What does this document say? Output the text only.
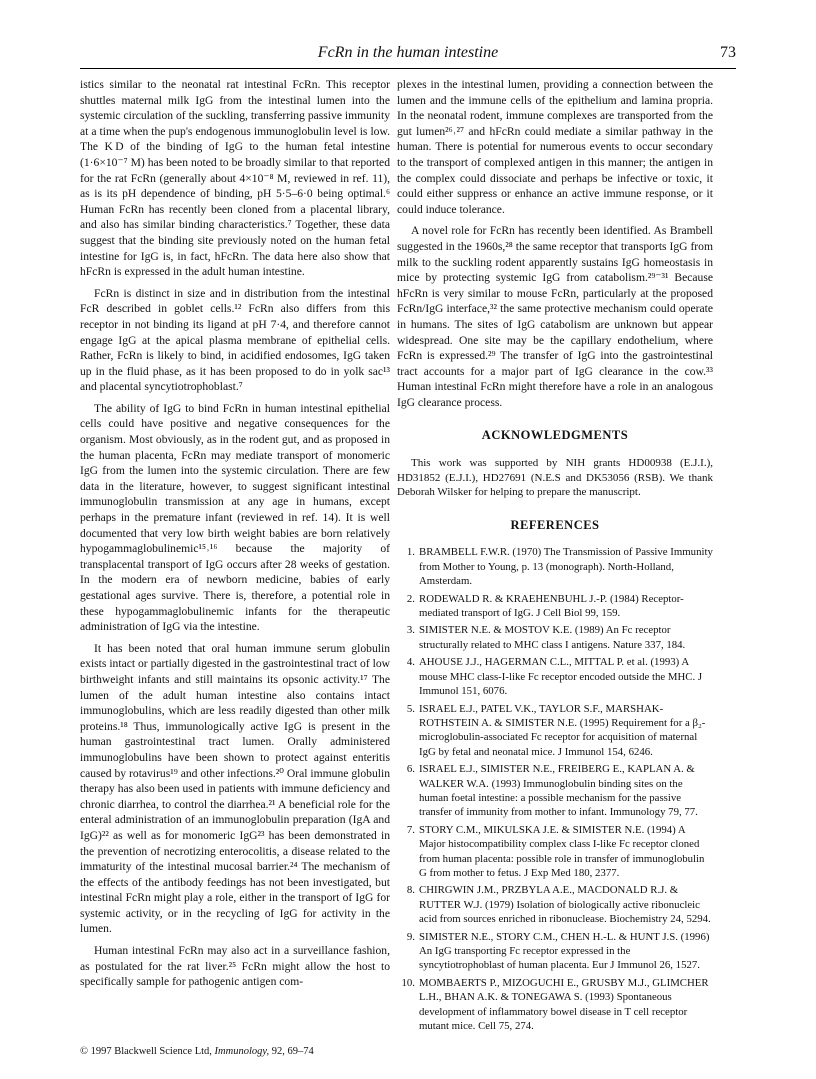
FcRn in the human intestine	73

istics similar to the neonatal rat intestinal FcRn. This receptor shuttles maternal milk IgG from the intestinal lumen into the systemic circulation of the suckling, transferring passive immunity at a time when the pup's endogenous immunoglobulin level is low. The K D of the binding of IgG to the human fetal intestine (1·6×10⁻⁷ M) has been noted to be broadly similar to that reported for the rat FcRn (generally about 4×10⁻⁸ M, reviewed in ref. 11), as is its pH dependence of binding, pH 5·5–6·0 being optimal.⁶ Human FcRn has recently been cloned from a placental library, and also has similar binding characteristics.⁷ Together, these data suggest that the binding site previously noted on the human fetal intestine for IgG is, in fact, hFcRn. The data here also show that hFcRn is expressed in the adult human intestine.

FcRn is distinct in size and in distribution from the intestinal FcR described in goblet cells.¹² FcRn also differs from this receptor in not binding its ligand at pH 7·4, and therefore cannot engage IgG at the apical plasma membrane of epithelial cells. Rather, FcRn is likely to bind, in acidified endosomes, IgG taken up in the fluid phase, as it has been proposed to do in yolk sac¹³ and placental syncytiotrophoblast.⁷

The ability of IgG to bind FcRn in human intestinal epithelial cells could have positive and negative consequences for the organism. Most obviously, as in the rodent gut, and as proposed in the human placenta, FcRn may mediate transport of monomeric IgG from the lumen into the systemic circulation. There are few data in the literature, however, to suggest significant intestinal immunoglobulin transmission at any age in humans, except perhaps in the premature infant (reviewed in ref. 14). It is well documented that very low birth weight babies are born relatively hypogammaglobulinemic¹⁵˒¹⁶ because the majority of transplacental transport of IgG occurs after 28 weeks of gestation. In the modern era of newborn medicine, babies of early gestational ages survive. There is, therefore, a potential role in these hypogammaglobulinemic infants for the therapeutic administration of IgG via the intestine.

It has been noted that oral human immune serum globulin exists intact or partially digested in the gastrointestinal tract of low birthweight infants and still maintains its opsonic activity.¹⁷ The lumen of the adult human intestine also contains intact immunoglobulins, which are less readily digested than other milk proteins.¹⁸ Thus, immunologically active IgG is present in the human gastrointestinal tract lumen. Orally administered immunoglobulins have been shown to protect against enteritis caused by rotavirus¹⁹ and other infections.²⁰ Oral immune globulin therapy has also been used in patients with immune deficiency and chronic diarrhea, to control the diarrhea.²¹ A beneficial role for the enteral administration of an immunoglobulin preparation (IgA and IgG)²² as well as for monomeric IgG²³ has been demonstrated in the prevention of necrotizing enterocolitis, a disease related to the immaturity of the intestinal mucosal barrier.²⁴ The mechanism of the effects of the antibody feedings has not been investigated, but intestinal FcRn might play a role, either in the transport of IgG for systemic activity, or in the recycling of IgG for activity in the lumen.

Human intestinal FcRn may also act in a surveillance fashion, as postulated for the rat liver.²⁵ FcRn might allow the host to specifically sample for pathogenic antigen com-

plexes in the intestinal lumen, providing a connection between the lumen and the immune cells of the epithelium and lamina propria. In the neonatal rodent, immune complexes are transported from the gut lumen²⁶˒²⁷ and hFcRn could mediate a similar pathway in the human. There is potential for numerous events to occur secondary to the transport of complexed antigen in this manner; the antigen in the complex could dissociate and perhaps be infective or toxic, it could either suppress or enhance an active immune response, or it could induce tolerance.

A novel role for FcRn has recently been identified. As Brambell suggested in the 1960s,²⁸ the same receptor that transports IgG from milk to the suckling rodent apparently sustains IgG homeostasis in mice by protecting systemic IgG from catabolism.²⁹⁻³¹ Because hFcRn is very similar to mouse FcRn, particularly at the proposed FcRn/IgG interface,³² the same protective mechanism could operate in humans. The sites of IgG catabolism are unknown but appear widespread. One site may be the capillary endothelium, where FcRn is expressed.²⁹ The transfer of IgG into the gastrointestinal tract accounts for a major part of IgG clearance in the cow.³³ Human intestinal FcRn might therefore have a role in an analogous IgG clearance process.

ACKNOWLEDGMENTS

This work was supported by NIH grants HD00938 (E.J.I.), HD31852 (E.J.I.), HD27691 (N.E.S and DK53056 (RSB). We thank Deborah Wilsker for helping to prepare the manuscript.

REFERENCES
1. BRAMBELL F.W.R. (1970) The Transmission of Passive Immunity from Mother to Young, p. 13 (monograph). North-Holland, Amsterdam.
2. RODEWALD R. & KRAEHENBUHL J.-P. (1984) Receptor-mediated transport of IgG. J Cell Biol 99, 159.
3. SIMISTER N.E. & MOSTOV K.E. (1989) An Fc receptor structurally related to MHC class I antigens. Nature 337, 184.
4. AHOUSE J.J., HAGERMAN C.L., MITTAL P. et al. (1993) A mouse MHC class-I-like Fc receptor encoded outside the MHC. J Immunol 151, 6076.
5. ISRAEL E.J., PATEL V.K., TAYLOR S.F., MARSHAK-ROTHSTEIN A. & SIMISTER N.E. (1995) Requirement for a β₂-microglobulin-associated Fc receptor for acquisition of maternal IgG by fetal and neonatal mice. J Immunol 154, 6246.
6. ISRAEL E.J., SIMISTER N.E., FREIBERG E., KAPLAN A. & WALKER W.A. (1993) Immunoglobulin binding sites on the human foetal intestine: a possible mechanism for the passive transfer of immunity from mother to infant. Immunology 79, 77.
7. STORY C.M., MIKULSKA J.E. & SIMISTER N.E. (1994) A Major histocompatibility complex class I-like Fc receptor cloned from human placenta: possible role in transfer of immunoglobulin G from mother to fetus. J Exp Med 180, 2377.
8. CHIRGWIN J.M., PRZBYLA A.E., MACDONALD R.J. & RUTTER W.J. (1979) Isolation of biologically active ribonucleic acid from sources enriched in ribonuclease. Biochemistry 24, 5294.
9. SIMISTER N.E., STORY C.M., CHEN H.-L. & HUNT J.S. (1996) An IgG transporting Fc receptor expressed in the syncytiotrophoblast of human placenta. Eur J Immunol 26, 1527.
10. MOMBAERTS P., MIZOGUCHI E., GRUSBY M.J., GLIMCHER L.H., BHAN A.K. & TONEGAWA S. (1993) Spontaneous development of inflammatory bowel disease in T cell receptor mutant mice. Cell 75, 274.
© 1997 Blackwell Science Ltd, Immunology, 92, 69–74
